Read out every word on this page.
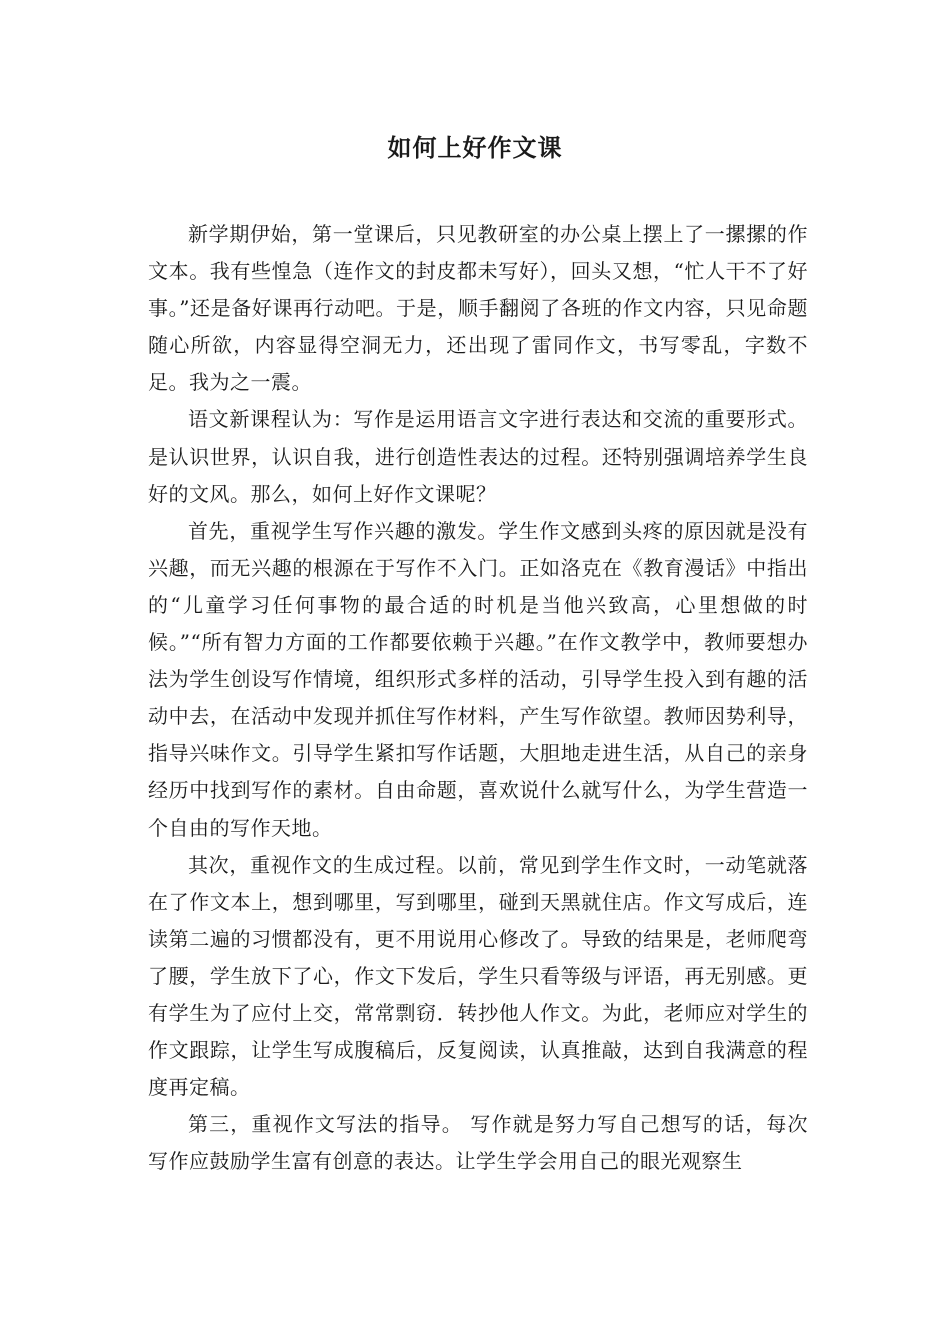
如何上好作文课

新学期伊始，第一堂课后，只见教研室的办公桌上摆上了一摞摞的作文本。我有些惶急（连作文的封皮都未写好），回头又想，“忙人干不了好事。”还是备好课再行动吧。于是，顺手翻阅了各班的作文内容，只见命题随心所欲，内容显得空洞无力，还出现了雷同作文，书写零乱，字数不足。我为之一震。

语文新课程认为：写作是运用语言文字进行表达和交流的重要形式。是认识世界，认识自我，进行创造性表达的过程。还特别强调培养学生良好的文风。那么，如何上好作文课呢？

首先，重视学生写作兴趣的激发。学生作文感到头疼的原因就是没有兴趣，而无兴趣的根源在于写作不入门。正如洛克在《教育漫话》中指出的“儿童学习任何事物的最合适的时机是当他兴致高，心里想做的时候。”“所有智力方面的工作都要依赖于兴趣。”在作文教学中，教师要想办法为学生创设写作情境，组织形式多样的活动，引导学生投入到有趣的活动中去，在活动中发现并抓住写作材料，产生写作欲望。教师因势利导，指导兴味作文。引导学生紧扣写作话题，大胆地走进生活，从自己的亲身经历中找到写作的素材。自由命题，喜欢说什么就写什么，为学生营造一个自由的写作天地。

其次，重视作文的生成过程。以前，常见到学生作文时，一动笔就落在了作文本上，想到哪里，写到哪里，碰到天黑就住店。作文写成后，连读第二遍的习惯都没有，更不用说用心修改了。导致的结果是，老师爬弯了腰，学生放下了心，作文下发后，学生只看等级与评语，再无别感。更有学生为了应付上交，常常剽窃．转抄他人作文。为此，老师应对学生的作文跟踪，让学生写成腹稿后，反复阅读，认真推敲，达到自我满意的程度再定稿。

第三，重视作文写法的指导。 写作就是努力写自己想写的话，每次写作应鼓励学生富有创意的表达。让学生学会用自己的眼光观察生
